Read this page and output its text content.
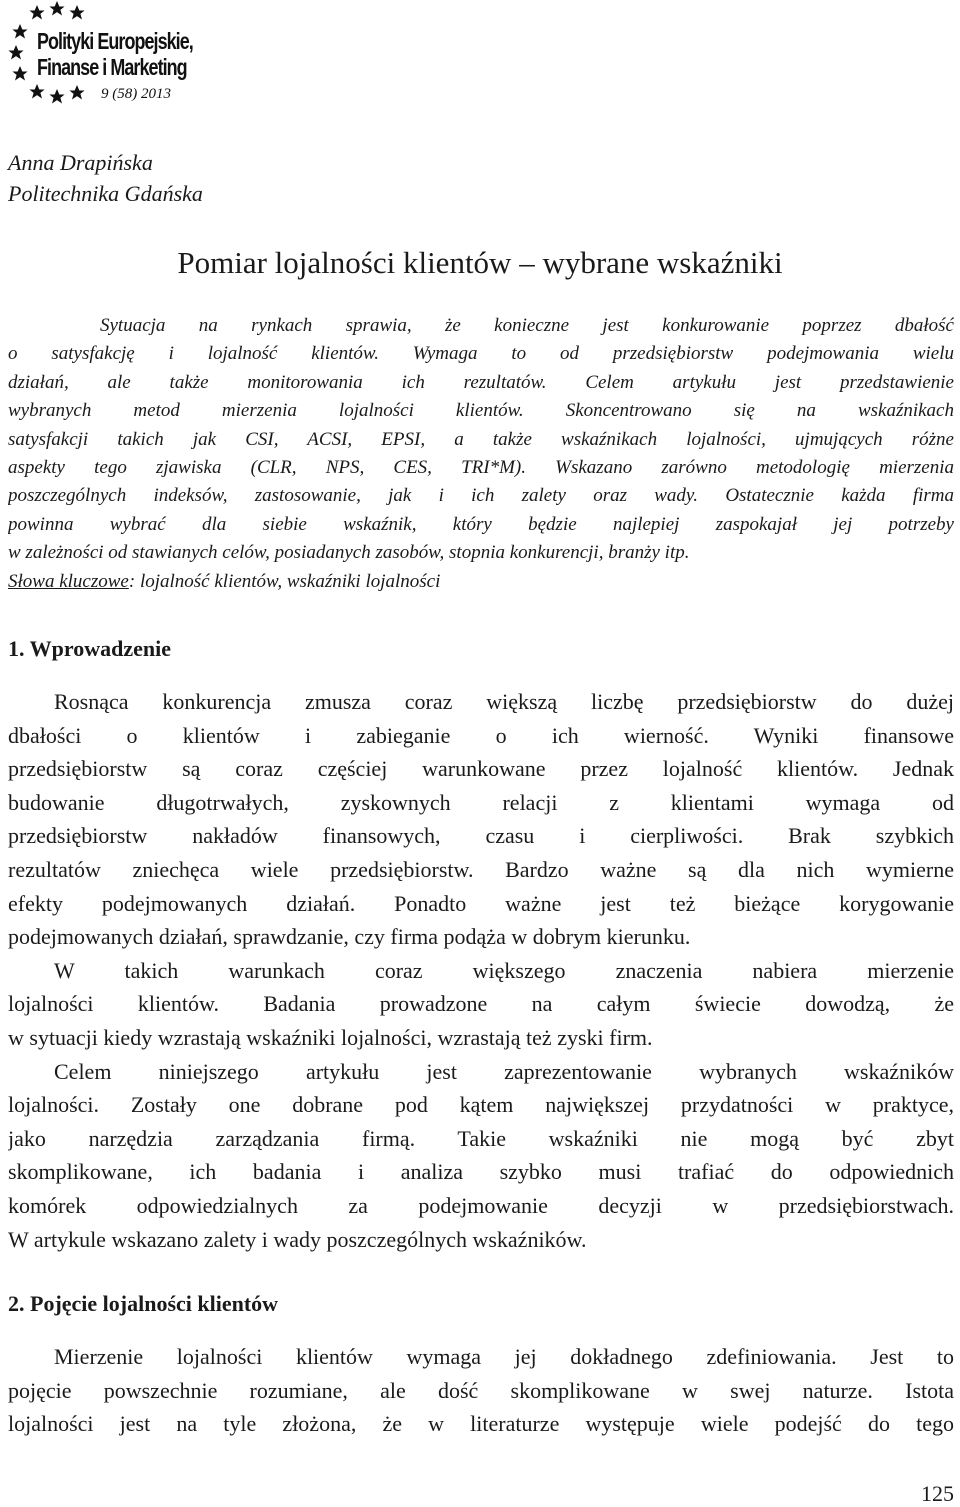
Polityki Europejskie,
Finanse i Marketing
9 (58) 2013
Anna Drapińska
Politechnika Gdańska
Pomiar lojalności klientów – wybrane wskaźniki
Sytuacja na rynkach sprawia, że konieczne jest konkurowanie poprzez dbałość
o satysfakcję i lojalność klientów. Wymaga to od przedsiębiorstw podejmowania wielu
działań, ale także monitorowania ich rezultatów. Celem artykułu jest przedstawienie
wybranych metod mierzenia lojalności klientów. Skoncentrowano się na wskaźnikach
satysfakcji takich jak CSI, ACSI, EPSI, a także wskaźnikach lojalności, ujmujących różne
aspekty tego zjawiska (CLR, NPS, CES, TRI*M). Wskazano zarówno metodologię mierzenia
poszczególnych indeksów, zastosowanie, jak i ich zalety oraz wady. Ostatecznie każda firma
powinna wybrać dla siebie wskaźnik, który będzie najlepiej zaspokajał jej potrzeby
w zależności od stawianych celów, posiadanych zasobów, stopnia konkurencji, branży itp.
Słowa kluczowe: lojalność klientów, wskaźniki lojalności
1. Wprowadzenie
Rosnąca konkurencja zmusza coraz większą liczbę przedsiębiorstw do dużej
dbałości o klientów i zabieganie o ich wierność. Wyniki finansowe
przedsiębiorstw są coraz częściej warunkowane przez lojalność klientów. Jednak
budowanie długotrwałych, zyskownych relacji z klientami wymaga od
przedsiębiorstw nakładów finansowych, czasu i cierpliwości. Brak szybkich
rezultatów zniechęca wiele przedsiębiorstw. Bardzo ważne są dla nich wymierne
efekty podejmowanych działań. Ponadto ważne jest też bieżące korygowanie
podejmowanych działań, sprawdzanie, czy firma podąża w dobrym kierunku.
W takich warunkach coraz większego znaczenia nabiera mierzenie
lojalności klientów. Badania prowadzone na całym świecie dowodzą, że
w sytuacji kiedy wzrastają wskaźniki lojalności, wzrastają też zyski firm.
Celem niniejszego artykułu jest zaprezentowanie wybranych wskaźników
lojalności. Zostały one dobrane pod kątem największej przydatności w praktyce,
jako narzędzia zarządzania firmą. Takie wskaźniki nie mogą być zbyt
skomplikowane, ich badania i analiza szybko musi trafiać do odpowiednich
komórek odpowiedzialnych za podejmowanie decyzji w przedsiębiorstwach.
W artykule wskazano zalety i wady poszczególnych wskaźników.
2. Pojęcie lojalności klientów
Mierzenie lojalności klientów wymaga jej dokładnego zdefiniowania. Jest to
pojęcie powszechnie rozumiane, ale dość skomplikowane w swej naturze. Istota
lojalności jest na tyle złożona, że w literaturze występuje wiele podejść do tego
125
